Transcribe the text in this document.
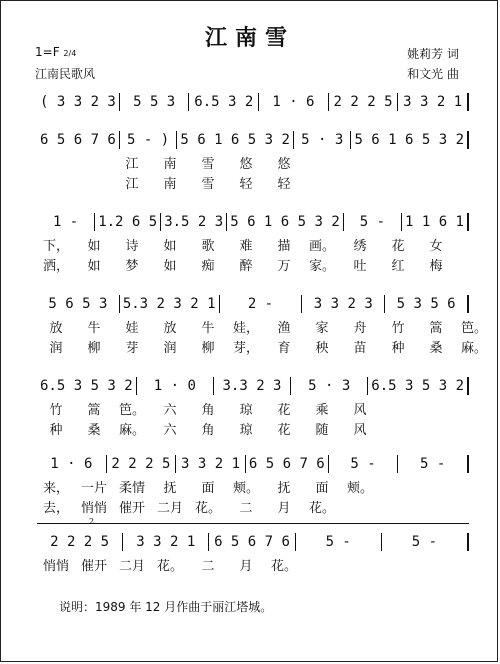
江南雪
1=F 2/4
江南民歌风
姚莉芳 词
和文光 曲
( 3 3 2 3	5 5 3	6.5 3 2	1 · 6	2 2 2 5 3 3 2 1
6 5 6 7 6 5 - ) 5 6 1 6 5 3 2 5 · 3 5 6 1 6 5 3 2
江 南 雪 悠 悠
江 南 雪 轻 轻
1 -	1.2 6 5 3.5 2 3 5 6 1 6 5 3 2	5 -	1 1 6 1
下， 如 诗 如 歌 难 描 画。 绣 花 女
洒， 如 梦 如 痴 醉 万 家。 吐 红 梅
5 6 5 3	5.3 2 3 2 1	2 -	3 3 2 3	5 3 5 6
放 牛 娃 放 牛 娃， 渔 家 舟 竹 篙 笆。
润 柳 芽 润 柳 芽， 育 秧 苗 种 桑 麻。
6.5 3 5 3 2	1 · 0	3.3 2 3	5 · 3	6.5 3 5 3 2
竹 篙 笆。 六 角 琼 花 乘 风
种 桑 麻。 六 角 琼 花 随 风
1 · 6	2 2 2 5 3 3 2 1 6 5 6 7 6	5 -	5 -
来， 一片 柔情 抚 面 颊。 抚 面 颊。
去， 悄悄 催开 二月 花。 二 月 花。
2 2 2 5	3 3 2 1	6 5 6 7 6	5 -	5 -
2.
悄悄 催开 二月 花。 二 月 花。
说明：1989 年 12 月作曲于丽江塔城。
